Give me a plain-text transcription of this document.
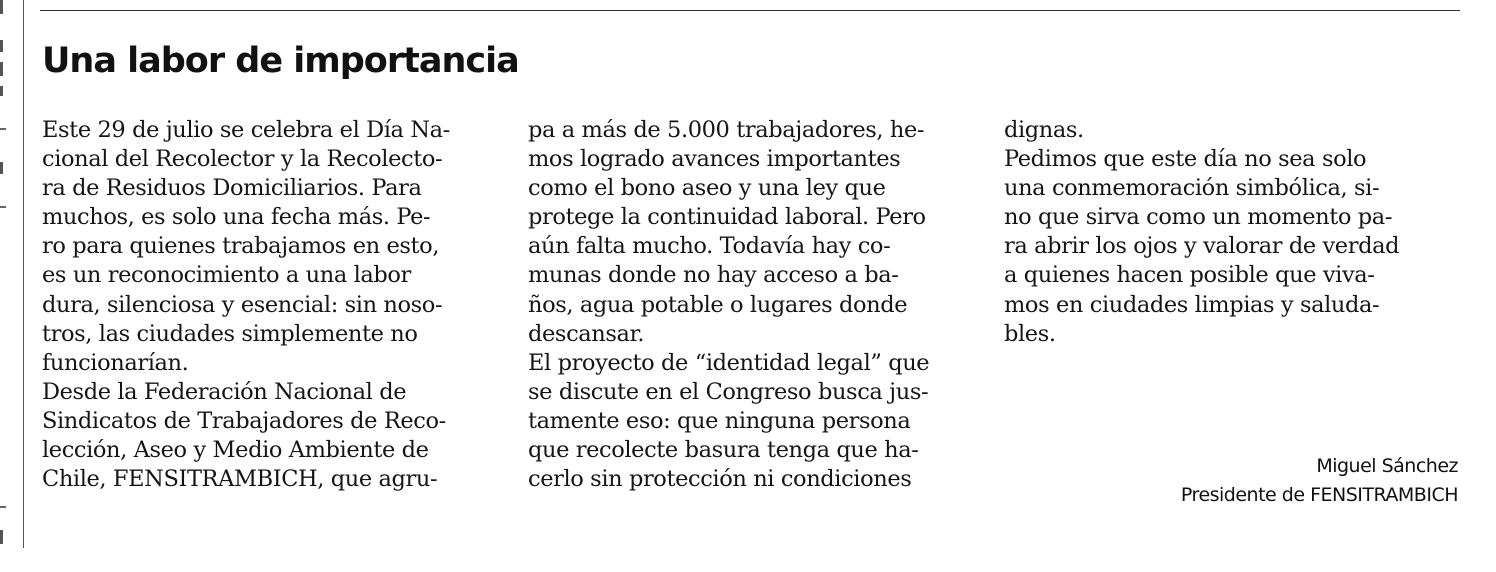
Una labor de importancia
Este 29 de julio se celebra el Día Na-
cional del Recolector y la Recolecto-
ra de Residuos Domiciliarios. Para
muchos, es solo una fecha más. Pe-
ro para quienes trabajamos en esto,
es un reconocimiento a una labor
dura, silenciosa y esencial: sin noso-
tros, las ciudades simplemente no
funcionarían.
Desde la Federación Nacional de
Sindicatos de Trabajadores de Reco-
lección, Aseo y Medio Ambiente de
Chile, FENSITRAMBICH, que agru-
pa a más de 5.000 trabajadores, he-
mos logrado avances importantes
como el bono aseo y una ley que
protege la continuidad laboral. Pero
aún falta mucho. Todavía hay co-
munas donde no hay acceso a ba-
ños, agua potable o lugares donde
descansar.
El proyecto de “identidad legal” que
se discute en el Congreso busca jus-
tamente eso: que ninguna persona
que recolecte basura tenga que ha-
cerlo sin protección ni condiciones
dignas.
Pedimos que este día no sea solo
una conmemoración simbólica, si-
no que sirva como un momento pa-
ra abrir los ojos y valorar de verdad
a quienes hacen posible que viva-
mos en ciudades limpias y saluda-
bles.
Miguel Sánchez
Presidente de FENSITRAMBICH
